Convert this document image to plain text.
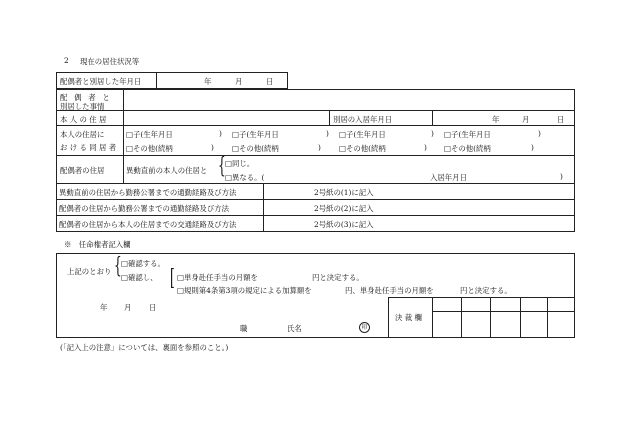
2 現在の居住状況等
配偶者と別居した年月日	年	月	日
配 偶 者 と
別居した事情
本 人 の 住 居	別居の入居年月日	年	月	日
本人の住居に
お け る 同 居 者
□子(生年月日	) □子(生年月日	) □子(生年月日	) □子(生年月日	)
□その他(続柄	) □その他(続柄	) □その他(続柄	) □その他(続柄	)
配偶者の住居	異動直前の本人の住居と { □同じ。
□異なる。(	入居年月日	)
異動直前の住居から勤務公署までの通勤経路及び方法	2号紙の(1)に記入
配偶者の住居から勤務公署までの通勤経路及び方法	2号紙の(2)に記入
配偶者の住居から本人の住居までの交通経路及び方法	2号紙の(3)に記入
※　任命権者記入欄
上記のとおり { □確認する。
□確認し、 [ □単身赴任手当の月額を	円と決定する。
□規則第4条第3項の規定による加算額を	円、単身赴任手当の月額を	円と決定する。
年 月 日
職	氏名	印
決 裁 欄
(「記入上の注意」については、裏面を参照のこと。)
